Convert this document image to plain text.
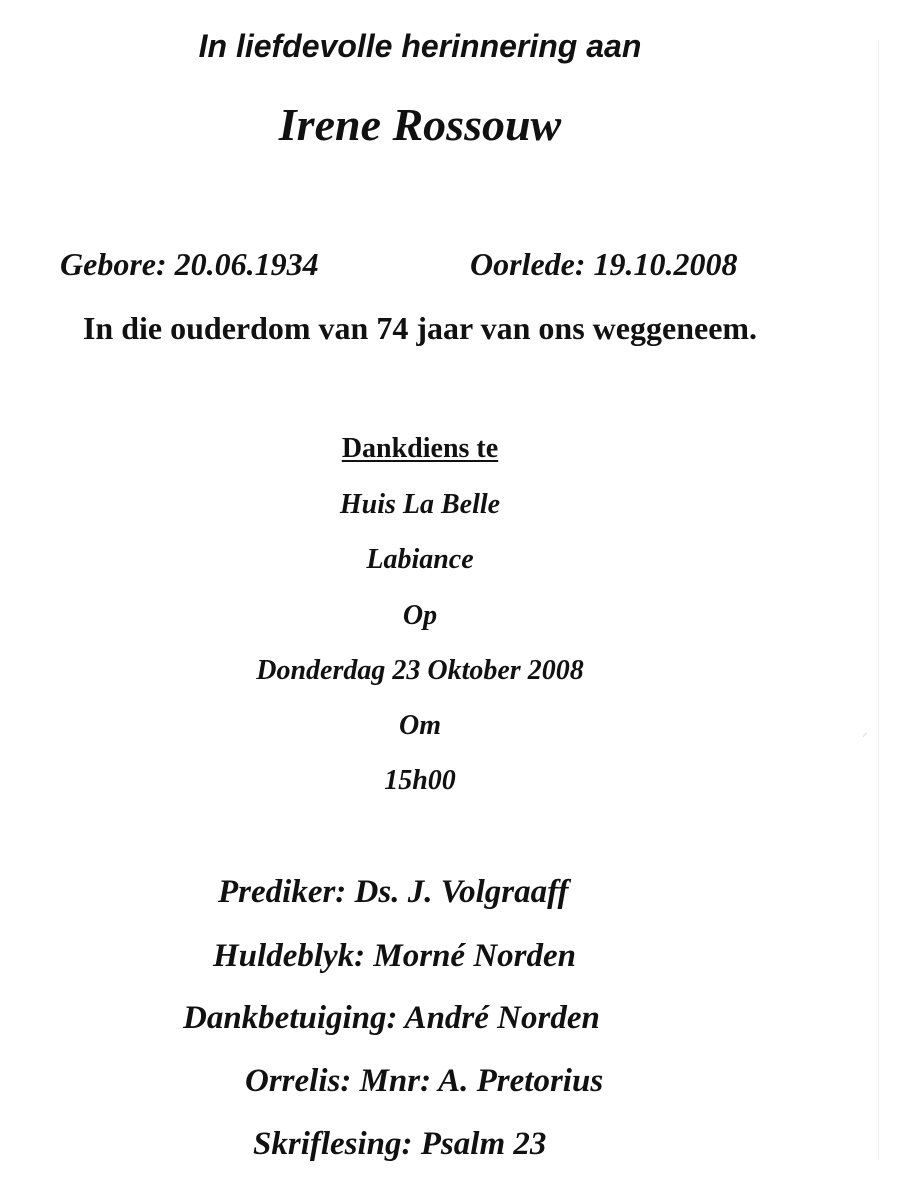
⸝
In liefdevolle herinnering aan
Irene Rossouw
Gebore: 20.06.1934	Oorlede: 19.10.2008
In die ouderdom van 74 jaar van ons weggeneem.
Dankdiens te
Huis La Belle
Labiance
Op
Donderdag 23 Oktober 2008
Om
15h00
Prediker: Ds. J. Volgraaff
Huldeblyk: Morné Norden
Dankbetuiging: André Norden
Orrelis: Mnr: A. Pretorius
Skriflesing: Psalm 23
